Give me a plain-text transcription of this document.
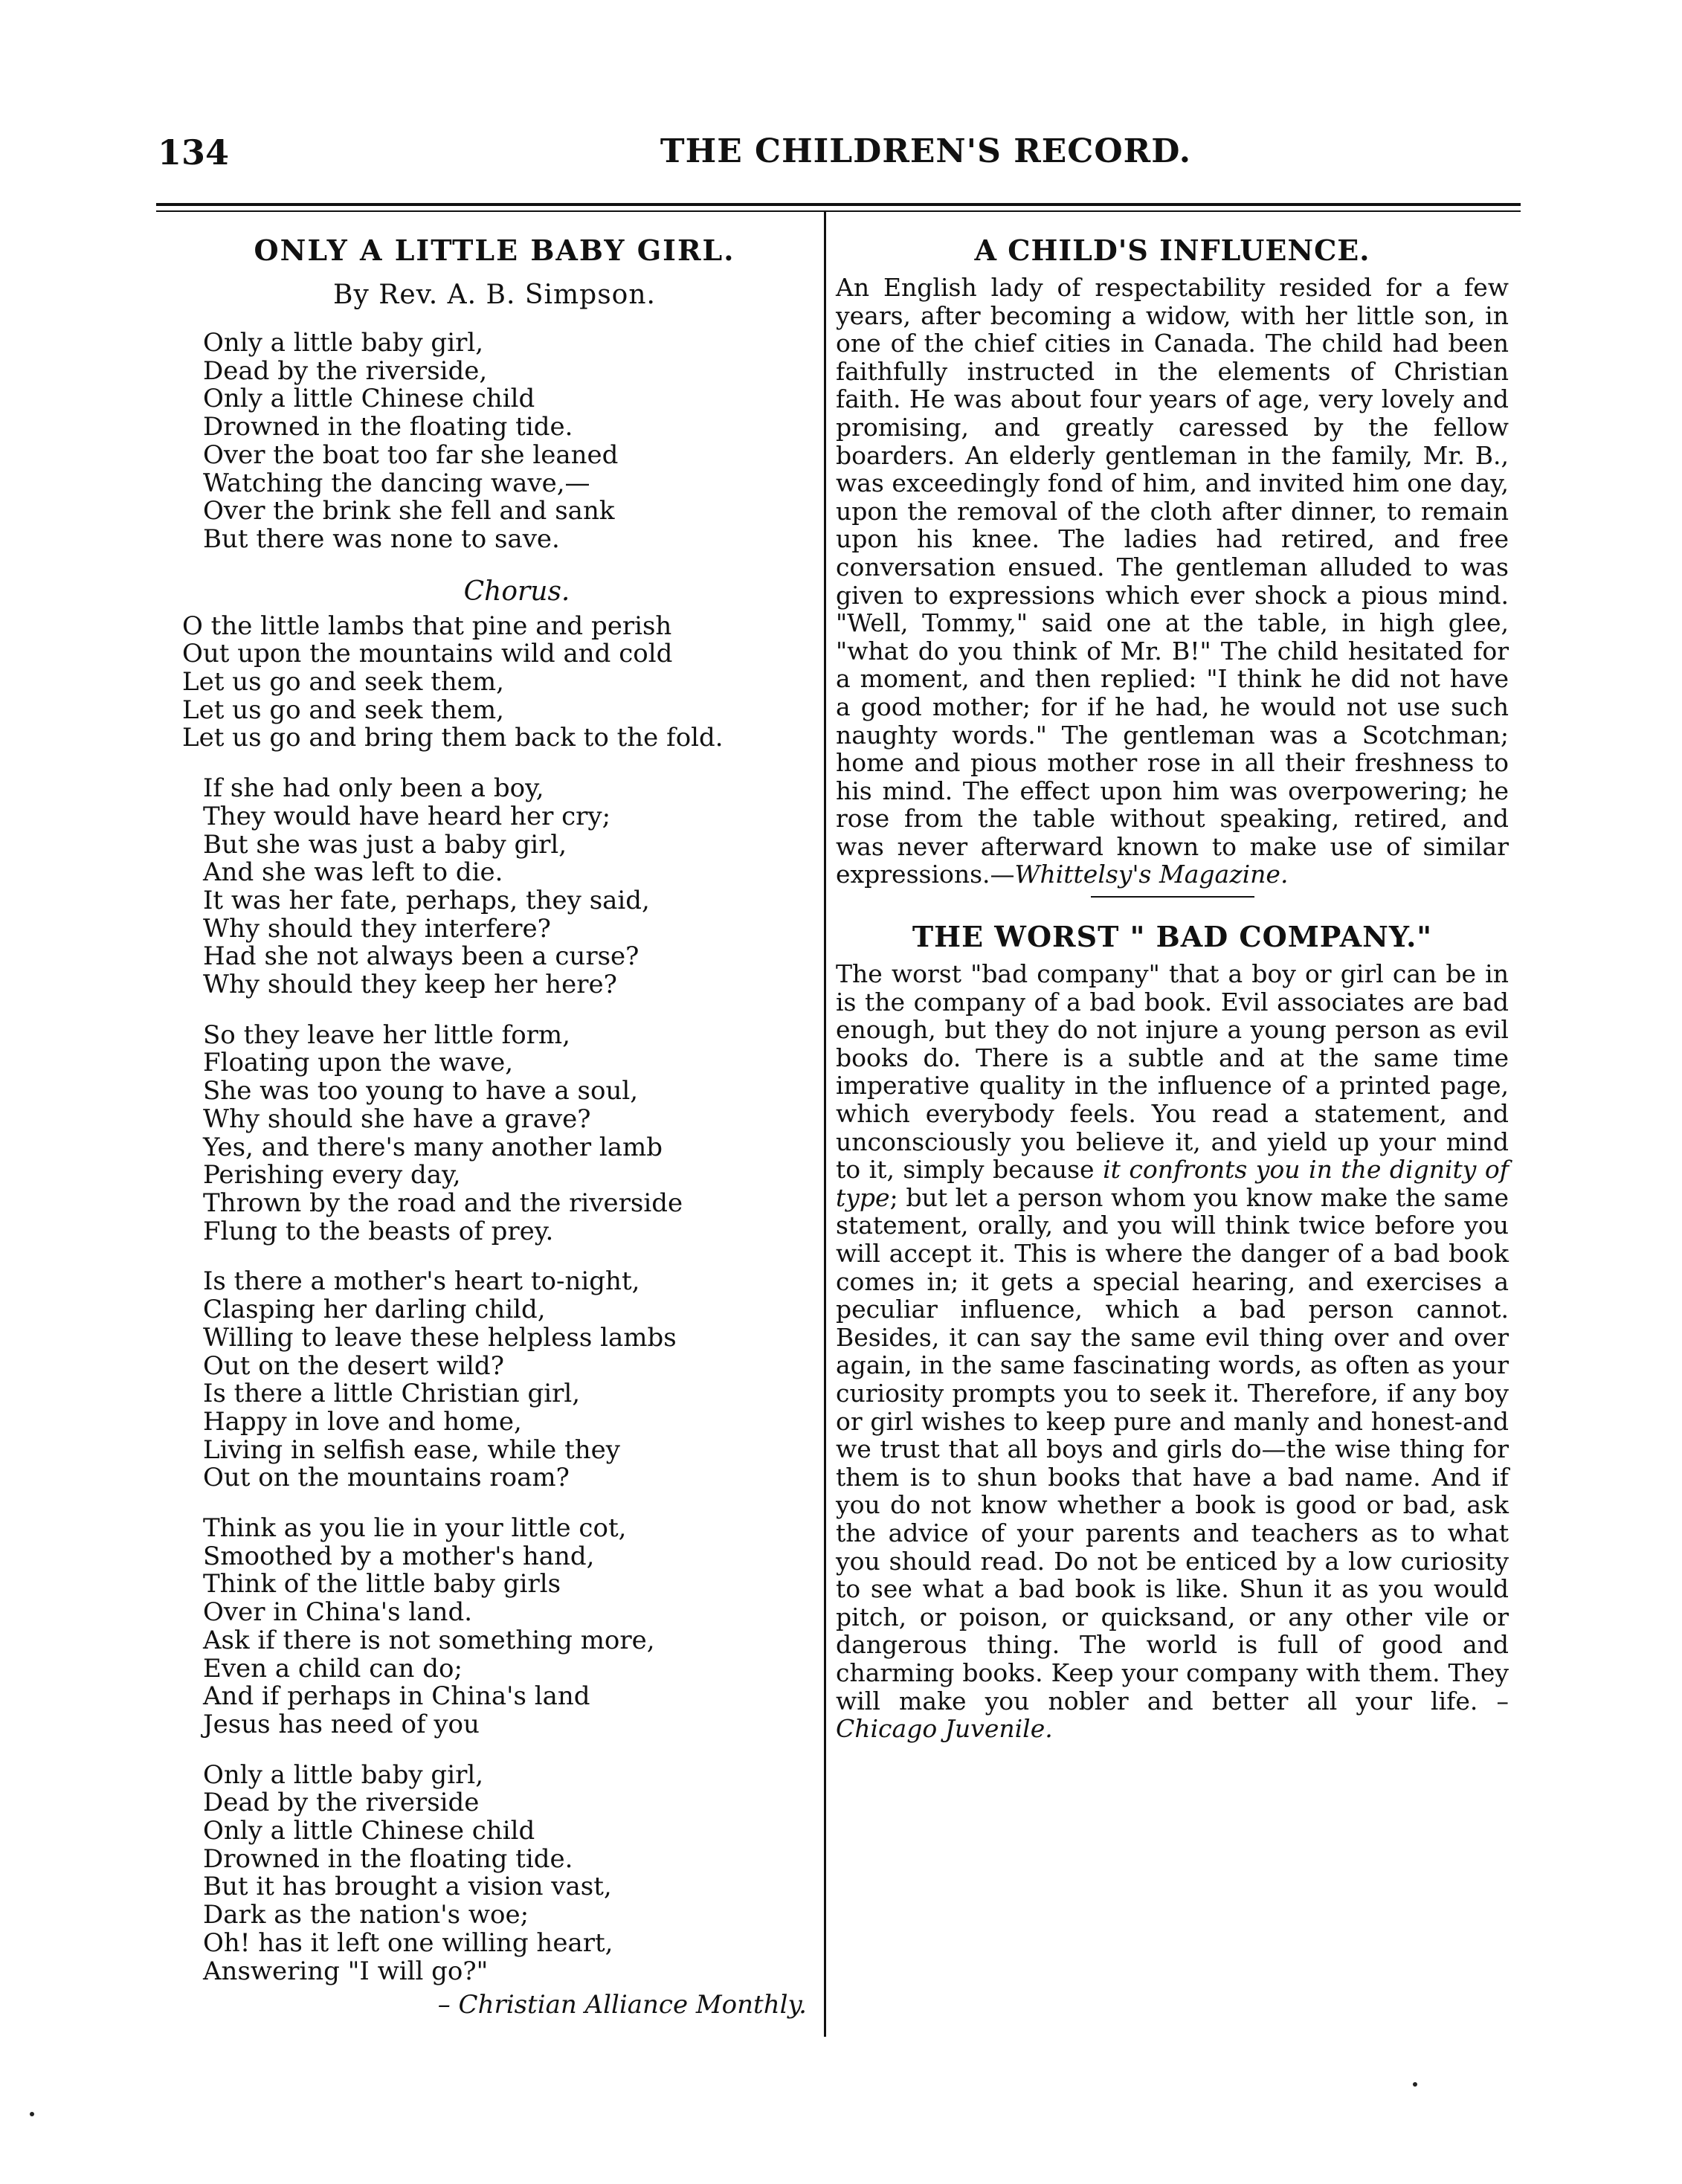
134	THE CHILDREN'S RECORD.
ONLY A LITTLE BABY GIRL.
By Rev. A. B. Simpson.
Only a little baby girl,
Dead by the riverside,
Only a little Chinese child
Drowned in the floating tide.
Over the boat too far she leaned
Watching the dancing wave,—
Over the brink she fell and sank
But there was none to save.
Chorus.
O the little lambs that pine and perish
Out upon the mountains wild and cold
Let us go and seek them,
Let us go and seek them,
Let us go and bring them back to the fold.
If she had only been a boy,
They would have heard her cry;
But she was just a baby girl,
And she was left to die.
It was her fate, perhaps, they said,
Why should they interfere?
Had she not always been a curse?
Why should they keep her here?
So they leave her little form,
Floating upon the wave,
She was too young to have a soul,
Why should she have a grave?
Yes, and there's many another lamb
Perishing every day,
Thrown by the road and the riverside
Flung to the beasts of prey.
Is there a mother's heart to-night,
Clasping her darling child,
Willing to leave these helpless lambs
Out on the desert wild?
Is there a little Christian girl,
Happy in love and home,
Living in selfish ease, while they
Out on the mountains roam?
Think as you lie in your little cot,
Smoothed by a mother's hand,
Think of the little baby girls
Over in China's land.
Ask if there is not something more,
Even a child can do;
And if perhaps in China's land
Jesus has need of you
Only a little baby girl,
Dead by the riverside
Only a little Chinese child
Drowned in the floating tide.
But it has brought a vision vast,
Dark as the nation's woe;
Oh! has it left one willing heart,
Answering "I will go?"
– Christian Alliance Monthly.
A CHILD'S INFLUENCE.

An English lady of respectability resided for a few years, after becoming a widow, with her little son, in one of the chief cities in Canada. The child had been faithfully instructed in the elements of Christian faith. He was about four years of age, very lovely and promising, and greatly caressed by the fellow boarders. An elderly gentleman in the family, Mr. B., was exceedingly fond of him, and invited him one day, upon the removal of the cloth after dinner, to remain upon his knee. The ladies had retired, and free conversation ensued. The gentleman alluded to was given to expressions which ever shock a pious mind. "Well, Tommy," said one at the table, in high glee, "what do you think of Mr. B!" The child hesitated for a moment, and then replied: "I think he did not have a good mother; for if he had, he would not use such naughty words." The gentleman was a Scotchman; home and pious mother rose in all their freshness to his mind. The effect upon him was overpowering; he rose from the table without speaking, retired, and was never afterward known to make use of similar expressions.—Whittelsy's Magazine.

THE WORST " BAD COMPANY."

The worst "bad company" that a boy or girl can be in is the company of a bad book. Evil associates are bad enough, but they do not injure a young person as evil books do. There is a subtle and at the same time imperative quality in the influence of a printed page, which everybody feels. You read a statement, and unconsciously you believe it, and yield up your mind to it, simply because it confronts you in the dignity of type; but let a person whom you know make the same statement, orally, and you will think twice before you will accept it. This is where the danger of a bad book comes in; it gets a special hearing, and exercises a peculiar influence, which a bad person cannot. Besides, it can say the same evil thing over and over again, in the same fascinating words, as often as your curiosity prompts you to seek it. Therefore, if any boy or girl wishes to keep pure and manly and honest-and we trust that all boys and girls do—the wise thing for them is to shun books that have a bad name. And if you do not know whether a book is good or bad, ask the advice of your parents and teachers as to what you should read. Do not be enticed by a low curiosity to see what a bad book is like. Shun it as you would pitch, or poison, or quicksand, or any other vile or dangerous thing. The world is full of good and charming books. Keep your company with them. They will make you nobler and better all your life. –Chicago Juvenile.
